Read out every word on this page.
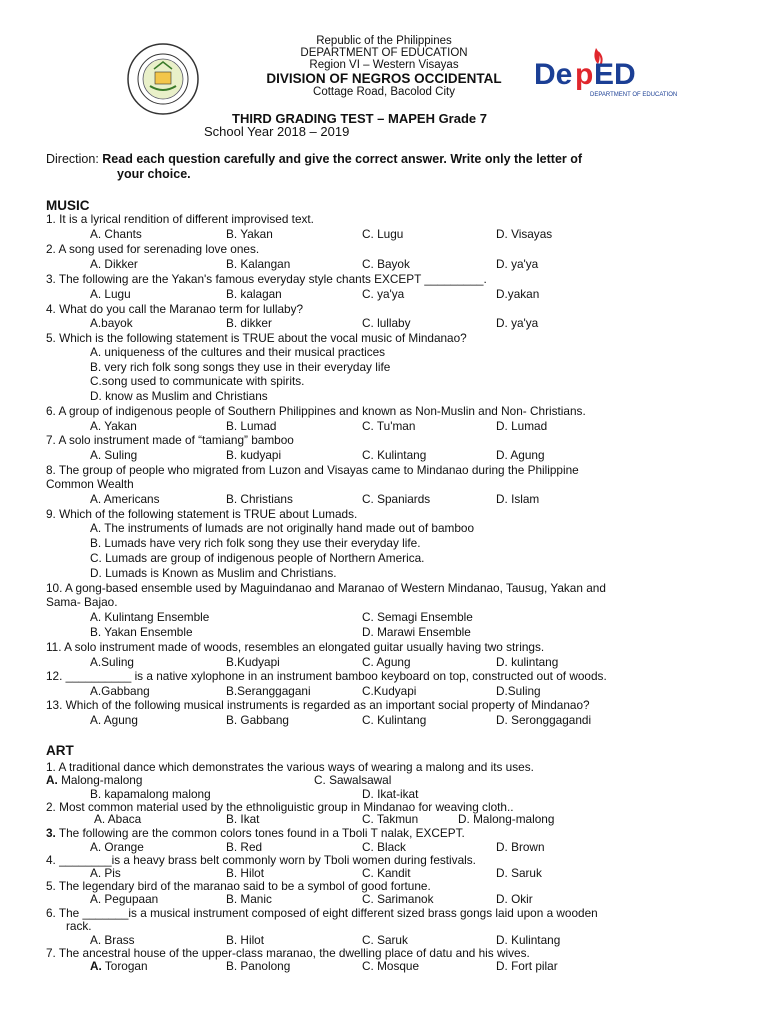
Republic of the Philippines
DEPARTMENT OF EDUCATION
Region VI – Western Visayas
DIVISION OF NEGROS OCCIDENTAL
Cottage Road, Bacolod City
De p ED
DEPARTMENT OF EDUCATION
THIRD GRADING TEST – MAPEH Grade 7
School Year 2018 – 2019
Direction: Read each question carefully and give the correct answer. Write only the letter of
your choice.
MUSIC
1. It is a lyrical rendition of different improvised text.
A. Chants	B. Yakan	C. Lugu	D. Visayas
2. A song used for serenading love ones.
A. Dikker	B. Kalangan	C. Bayok	D. ya'ya
3. The following are the Yakan's famous everyday style chants EXCEPT _________.
A. Lugu	B. kalagan	C. ya'ya	D.yakan
4. What do you call the Maranao term for lullaby?
A.bayok	B. dikker	C. lullaby	D. ya'ya
5. Which is the following statement is TRUE about the vocal music of Mindanao?
A. uniqueness of the cultures and their musical practices
B. very rich folk song songs they use in their everyday life
C.song used to communicate with spirits.
D. know as Muslim and Christians
6. A group of indigenous people of Southern Philippines and known as Non-Muslin and Non- Christians.
A. Yakan	B. Lumad	C. Tu'man	D. Lumad
7. A solo instrument made of “tamiang” bamboo
A. Suling	B. kudyapi	C. Kulintang	D. Agung
8. The group of people who migrated from Luzon and Visayas came to Mindanao during the Philippine
Common Wealth
A. Americans	B. Christians	C. Spaniards	D. Islam
9. Which of the following statement is TRUE about Lumads.
A. The instruments of lumads are not originally hand made out of bamboo
B. Lumads have very rich folk song they use their everyday life.
C. Lumads are group of indigenous people of Northern America.
D. Lumads is Known as Muslim and Christians.
10. A gong-based ensemble used by Maguindanao and Maranao of Western Mindanao, Tausug, Yakan and
Sama- Bajao.
A. Kulintang Ensemble	C. Semagi Ensemble
B. Yakan Ensemble	D. Marawi Ensemble
11. A solo instrument made of woods, resembles an elongated guitar usually having two strings.
A.Suling	B.Kudyapi	C. Agung	D. kulintang
12. __________ is a native xylophone in an instrument bamboo keyboard on top, constructed out of woods.
A.Gabbang	B.Seranggagani	C.Kudyapi	D.Suling
13. Which of the following musical instruments is regarded as an important social property of Mindanao?
A. Agung	B. Gabbang	C. Kulintang	D. Seronggagandi
ART
1. A traditional dance which demonstrates the various ways of wearing a malong and its uses.
A. Malong-malong	C. Sawalsawal
B. kapamalong malong	D. Ikat-ikat
2. Most common material used by the ethnoliguistic group in Mindanao for weaving cloth..
A. Abaca	B. Ikat	C. Takmun	D. Malong-malong
3. The following are the common colors tones found in a Tboli T nalak, EXCEPT.
A. Orange	B. Red	C. Black	D. Brown
4. ________is a heavy brass belt commonly worn by Tboli women during festivals.
A. Pis	B. Hilot	C. Kandit	D. Saruk
5. The legendary bird of the maranao said to be a symbol of good fortune.
A. Pegupaan	B. Manic	C. Sarimanok	D. Okir
6. The _______is a musical instrument composed of eight different sized brass gongs laid upon a wooden
rack.
A. Brass	B. Hilot	C. Saruk	D. Kulintang
7. The ancestral house of the upper-class maranao, the dwelling place of datu and his wives.
A. Torogan	B. Panolong	C. Mosque	D. Fort pilar
